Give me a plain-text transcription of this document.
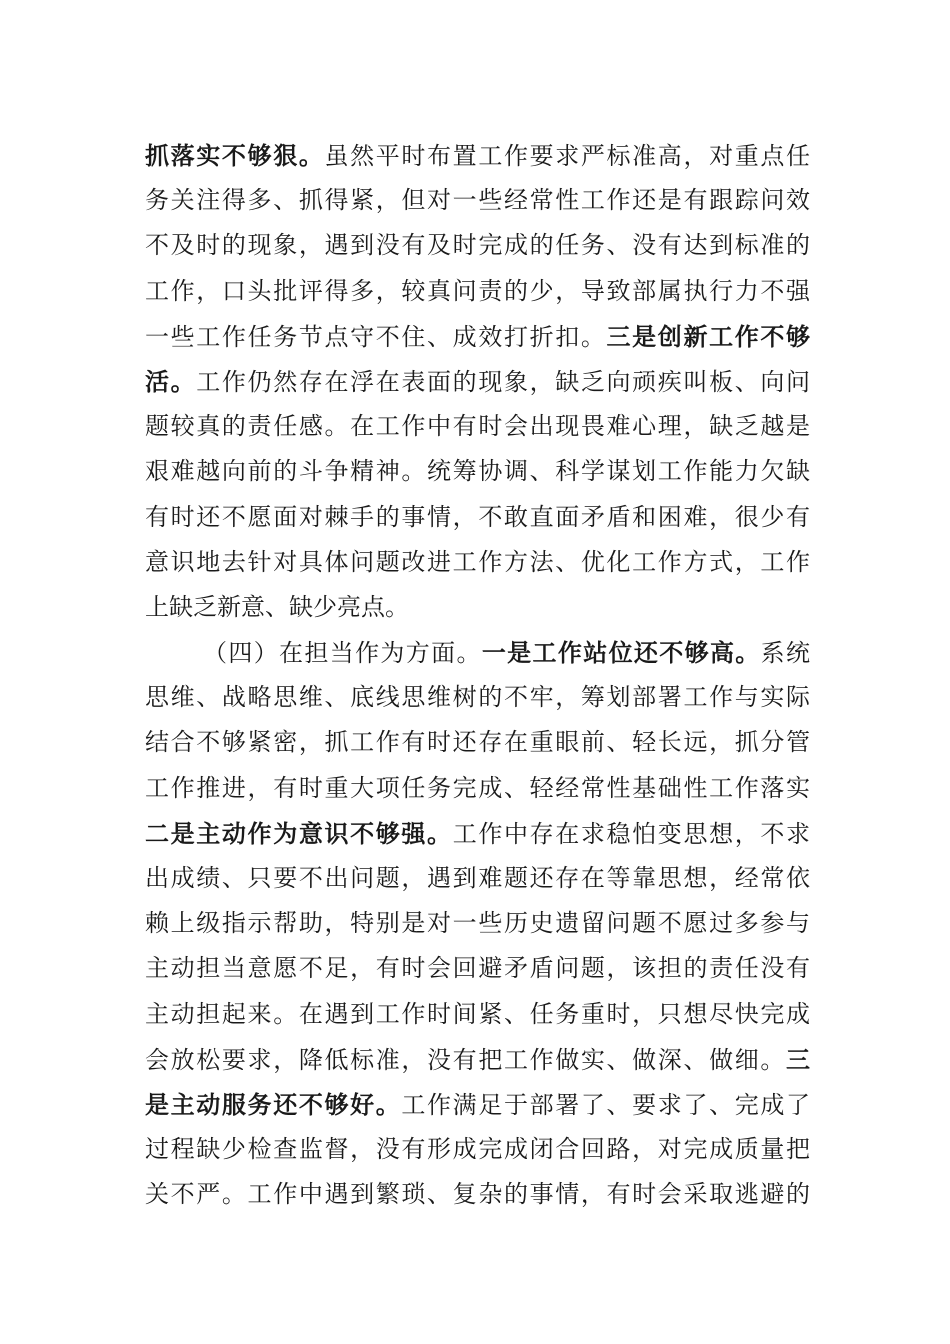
抓落实不够狠。虽然平时布置工作要求严标准高，对重点任
务关注得多、抓得紧，但对一些经常性工作还是有跟踪问效
不及时的现象，遇到没有及时完成的任务、没有达到标准的
工作，口头批评得多，较真问责的少，导致部属执行力不强
一些工作任务节点守不住、成效打折扣。三是创新工作不够
活。工作仍然存在浮在表面的现象，缺乏向顽疾叫板、向问
题较真的责任感。在工作中有时会出现畏难心理，缺乏越是
艰难越向前的斗争精神。统筹协调、科学谋划工作能力欠缺
有时还不愿面对棘手的事情，不敢直面矛盾和困难，很少有
意识地去针对具体问题改进工作方法、优化工作方式，工作
上缺乏新意、缺少亮点。
（四）在担当作为方面。一是工作站位还不够高。系统
思维、战略思维、底线思维树的不牢，筹划部署工作与实际
结合不够紧密，抓工作有时还存在重眼前、轻长远，抓分管
工作推进，有时重大项任务完成、轻经常性基础性工作落实
二是主动作为意识不够强。工作中存在求稳怕变思想，不求
出成绩、只要不出问题，遇到难题还存在等靠思想，经常依
赖上级指示帮助，特别是对一些历史遗留问题不愿过多参与
主动担当意愿不足，有时会回避矛盾问题，该担的责任没有
主动担起来。在遇到工作时间紧、任务重时，只想尽快完成
会放松要求，降低标准，没有把工作做实、做深、做细。三
是主动服务还不够好。工作满足于部署了、要求了、完成了
过程缺少检查监督，没有形成完成闭合回路，对完成质量把
关不严。工作中遇到繁琐、复杂的事情，有时会采取逃避的
